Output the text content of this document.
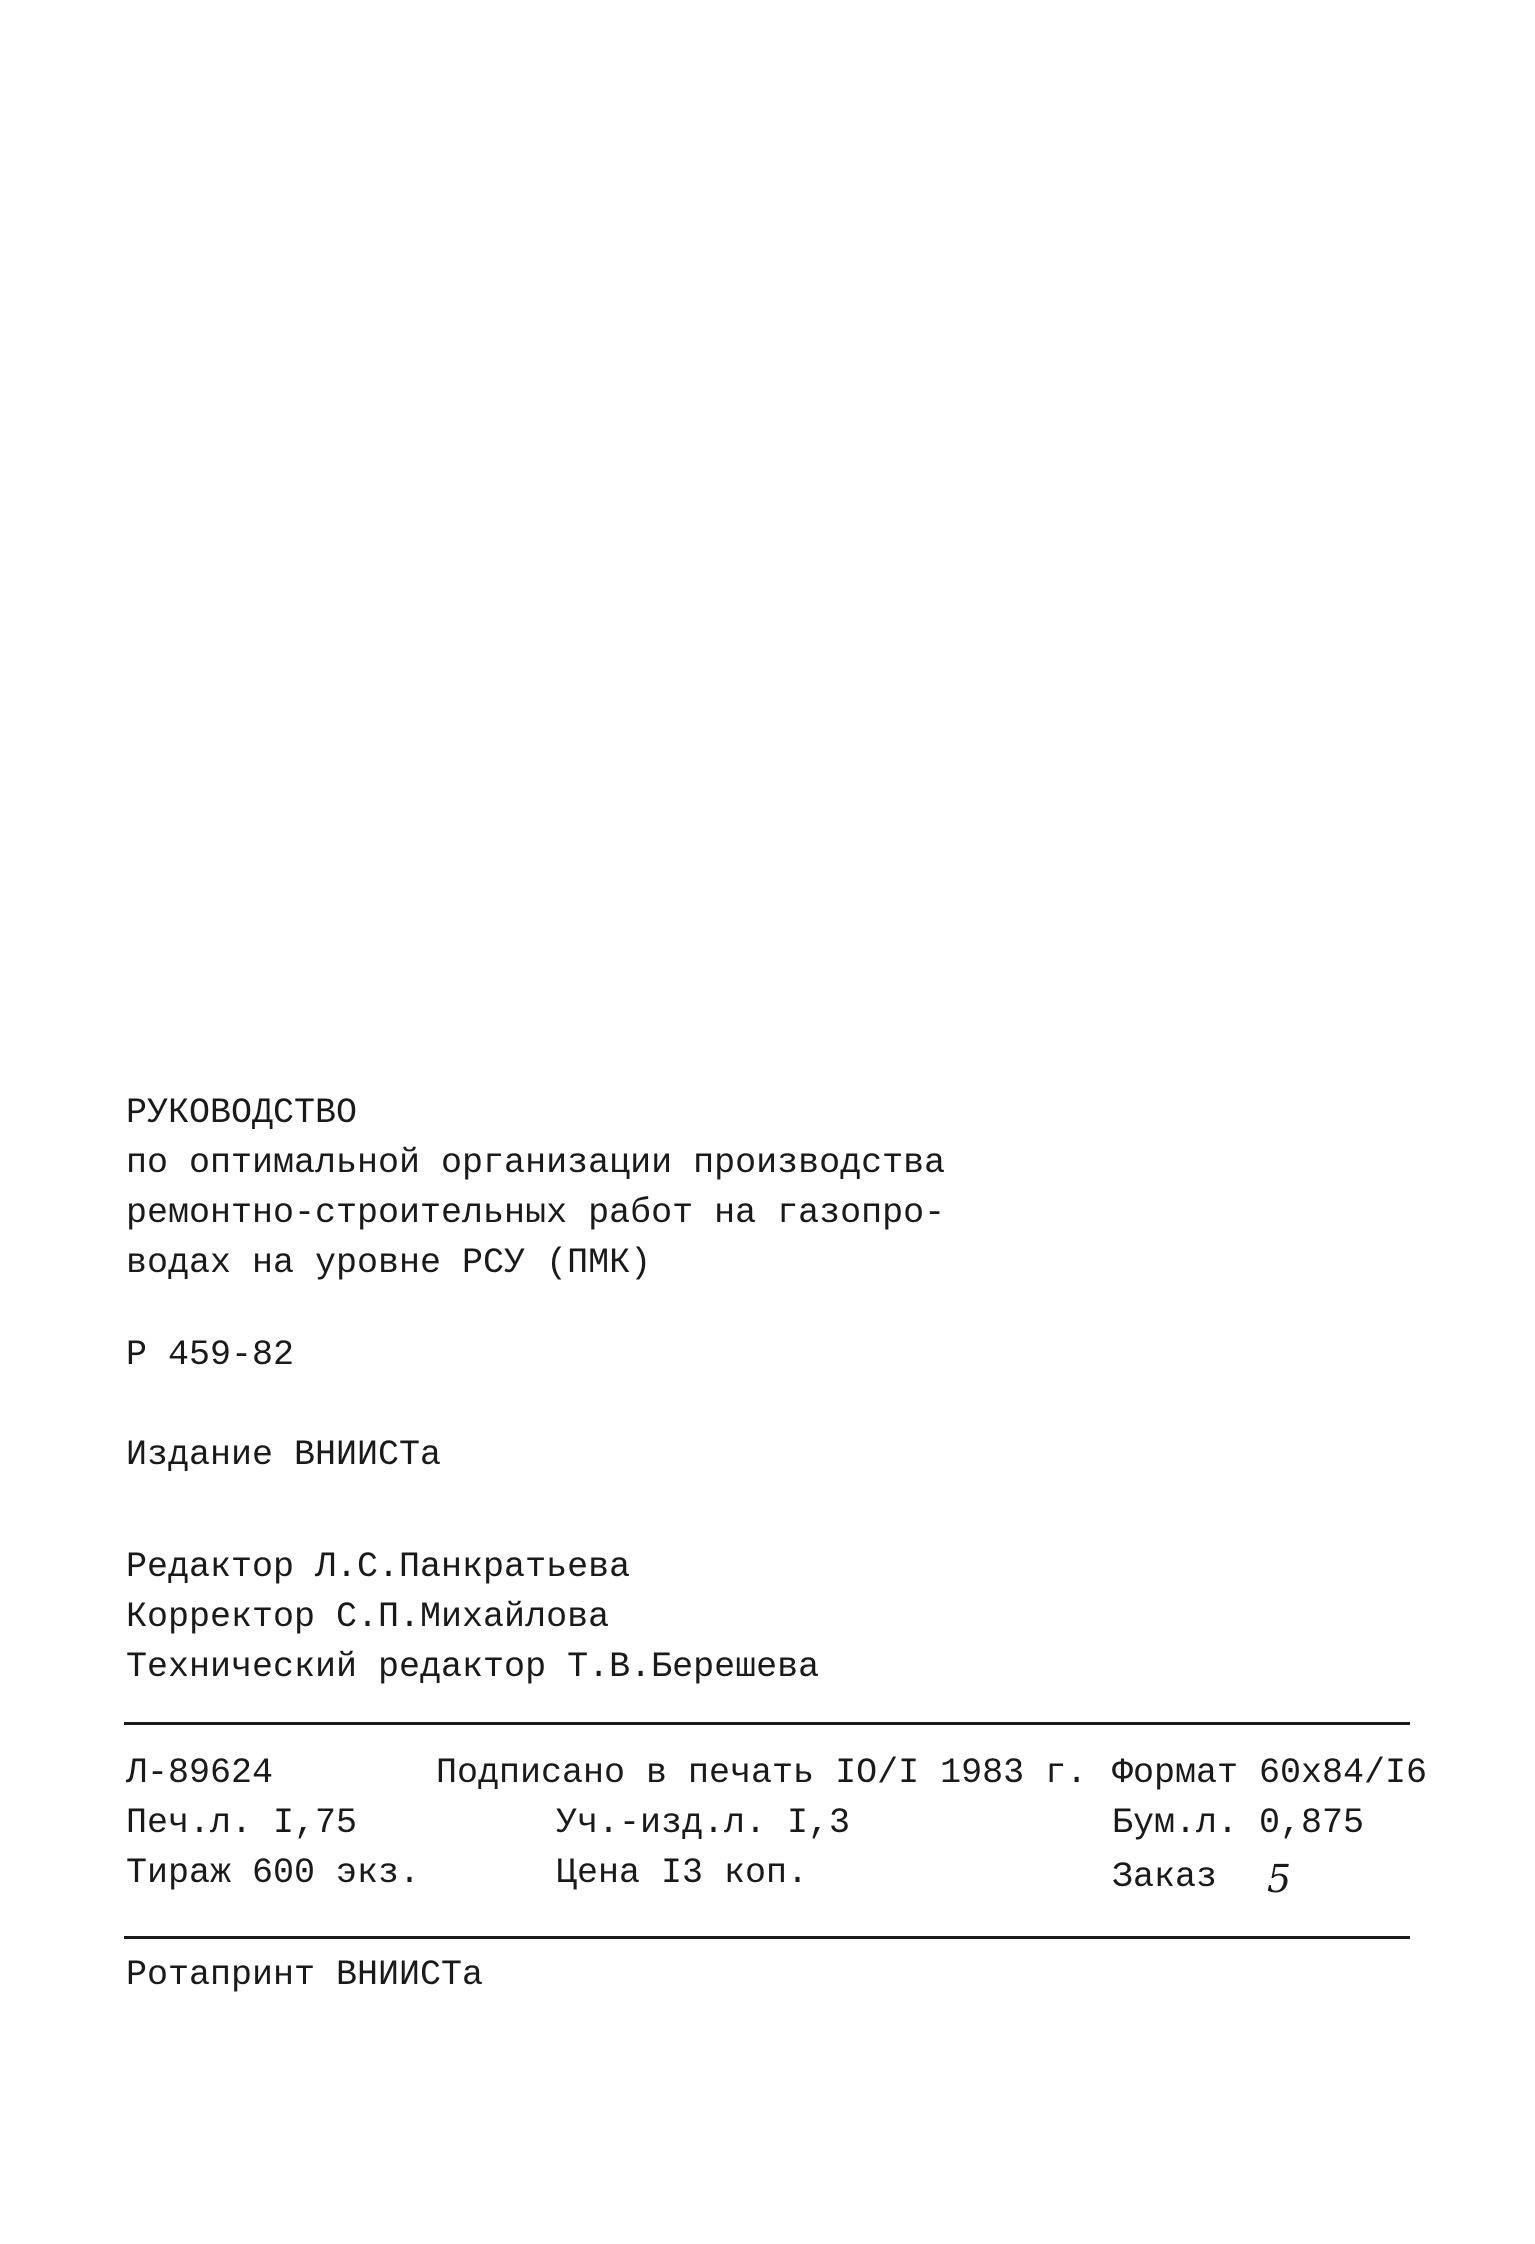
РУКОВОДСТВО
по оптимальной организации производства
ремонтно-строительных работ на газопро-
водах на уровне РСУ (ПМК)
Р 459-82
Издание ВНИИСТа
Редактор Л.С.Панкратьева
Корректор С.П.Михайлова
Технический редактор Т.В.Берешева
Л-89624	Подписано в печать IO/I 1983 г. Формат 60x84/I6
Печ.л. I,75	Уч.-изд.л. I,3	Бум.л. 0,875
Тираж 600 экз.	Цена I3 коп.	Заказ 5
Ротапринт ВНИИСТа
